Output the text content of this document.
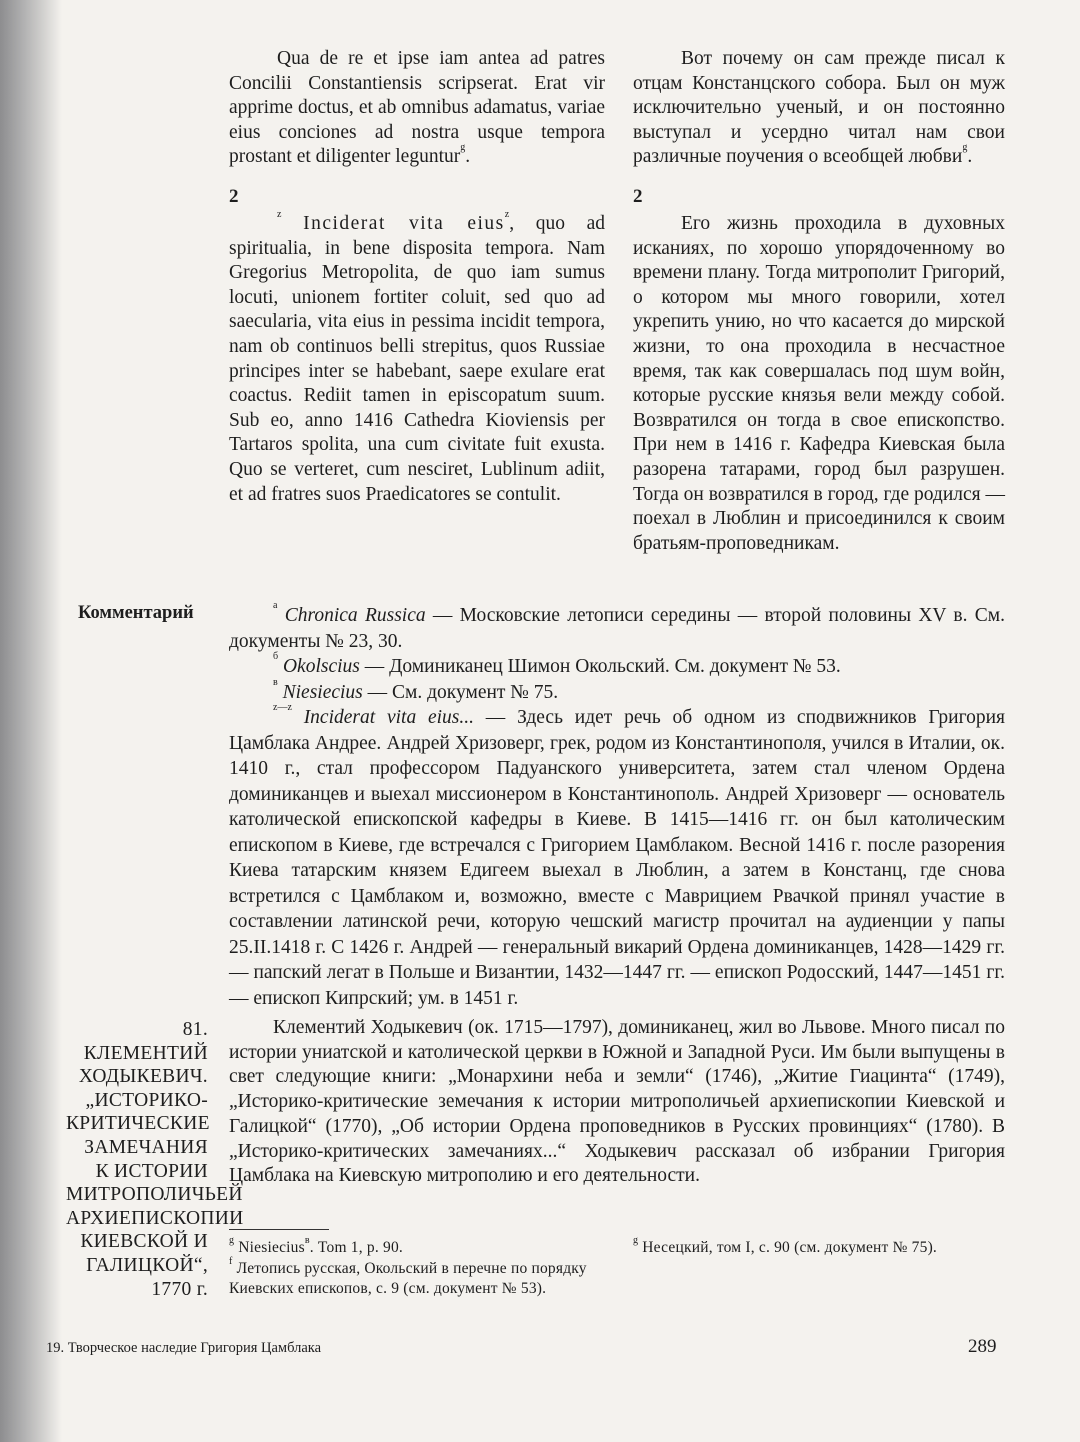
Qua de re et ipse iam antea ad patres Concilii Constantiensis scripserat. Erat vir apprime doctus, et ab omnibus adamatus, variae eius conciones ad nostra usque tempora prostant et diligenter leguntur$^g$.

2

$^z$ Inciderat vita eius$^z$, quo ad spiritualia, in bene disposita tempora. Nam Gregorius Metropolita, de quo iam sumus locuti, unionem fortiter coluit, sed quo ad saecularia, vita eius in pessima incidit tempora, nam ob continuos belli strepitus, quos Russiae principes inter se habebant, saepe exulare erat coactus. Rediit tamen in episcopatum suum. Sub eo, anno 1416 Cathedra Kioviensis per Tartaros spolita, una cum civitate fuit exusta. Quo se verteret, cum nesciret, Lublinum adiit, et ad fratres suos Praedicatores se contulit.

Вот почему он сам прежде писал к отцам Констанцского собора. Был он муж исключительно ученый, и он постоянно выступал и усердно читал нам свои различные поучения о всеобщей любви$^g$.

2

Его жизнь проходила в духовных исканиях, по хорошо упорядоченному во времени плану. Тогда митрополит Григорий, о котором мы много говорили, хотел укрепить унию, но что касается до мирской жизни, то она проходила в несчастное время, так как совершалась под шум войн, которые русские князья вели между собой. Возвратился он тогда в свое епископство. При нем в 1416 г. Кафедра Киевская была разорена татарами, город был разрушен. Тогда он возвратился в город, где родился — поехал в Люблин и присоединился к своим братьям-проповедникам.

Комментарий	$^a$ Chronica Russica — Московские летописи середины — второй половины XV в. См. документы № 23, 30.

$^б$ Okolscius — Доминиканец Шимон Окольский. См. документ № 53.

$^в$ Niesiecius — См. документ № 75.

$^{z—z}$ Inciderat vita eius... — Здесь идет речь об одном из сподвижников Григория Цамблака Андрее. Андрей Хризоверг, грек, родом из Константинополя, учился в Италии, ок. 1410 г., стал профессором Падуанского университета, затем стал членом Ордена доминиканцев и выехал миссионером в Константинополь. Андрей Хризоверг — основатель католической епископской кафедры в Киеве. В 1415—1416 гг. он был католическим епископом в Киеве, где встречался с Григорием Цамблаком. Весной 1416 г. после разорения Киева татарским князем Едигеем выехал в Люблин, а затем в Констанц, где снова встретился с Цамблаком и, возможно, вместе с Маврицием Рвачкой принял участие в составлении латинской речи, которую чешский магистр прочитал на аудиенции у папы 25.II.1418 г. С 1426 г. Андрей — генеральный викарий Ордена доминиканцев, 1428—1429 гг. — папский легат в Польше и Византии, 1432—1447 гг. — епископ Родосский, 1447—1451 гг. — епископ Кипрский; ум. в 1451 г.

81. КЛЕМЕНТИЙ ХОДЫКЕВИЧ. „ИСТОРИКО-КРИТИЧЕСКИЕ ЗАМЕЧАНИЯ К ИСТОРИИ МИТРОПОЛИЧЬЕЙ АРХИЕПИСКОПИИ КИЕВСКОЙ И ГАЛИЦКОЙ“, 1770 г.

Клементий Ходыкевич (ок. 1715—1797), доминиканец, жил во Львове. Много писал по истории униатской и католической церкви в Южной и Западной Руси. Им были выпущены в свет следующие книги: „Монархини неба и земли“ (1746), „Житие Гиацинта“ (1749), „Историко-критические земечания к истории митрополичьей архиепископии Киевской и Галицкой“ (1770), „Об истории Ордена проповедников в Русских провинциях“ (1780). В „Историко-критических замечаниях...“ Ходыкевич рассказал об избрании Григория Цамблака на Киевскую митрополию и его деятельности.

$^g$ Niesiecius$^в$. Tom 1, p. 90.

$^f$ Летопись русская, Окольский в перечне по порядку Киевских епископов, с. 9 (см. документ № 53).

$^g$ Несецкий, том I, с. 90 (см. документ № 75).

19. Творческое наследие Григория Цамблака	289
